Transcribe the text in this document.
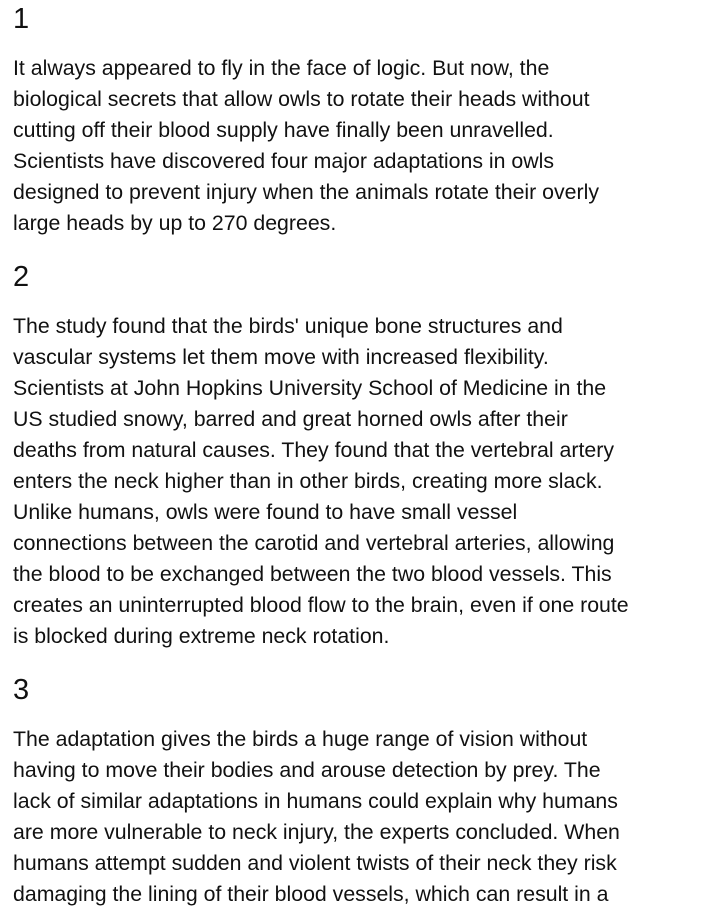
1

It always appeared to fly in the face of logic. But now, the
biological secrets that allow owls to rotate their heads without
cutting off their blood supply have finally been unravelled.
Scientists have discovered four major adaptations in owls
designed to prevent injury when the animals rotate their overly
large heads by up to 270 degrees.

2

The study found that the birds' unique bone structures and
vascular systems let them move with increased flexibility.
Scientists at John Hopkins University School of Medicine in the
US studied snowy, barred and great horned owls after their
deaths from natural causes. They found that the vertebral artery
enters the neck higher than in other birds, creating more slack.
Unlike humans, owls were found to have small vessel
connections between the carotid and vertebral arteries, allowing
the blood to be exchanged between the two blood vessels. This
creates an uninterrupted blood flow to the brain, even if one route
is blocked during extreme neck rotation.

3

The adaptation gives the birds a huge range of vision without
having to move their bodies and arouse detection by prey. The
lack of similar adaptations in humans could explain why humans
are more vulnerable to neck injury, the experts concluded. When
humans attempt sudden and violent twists of their neck they risk
damaging the lining of their blood vessels, which can result in a
